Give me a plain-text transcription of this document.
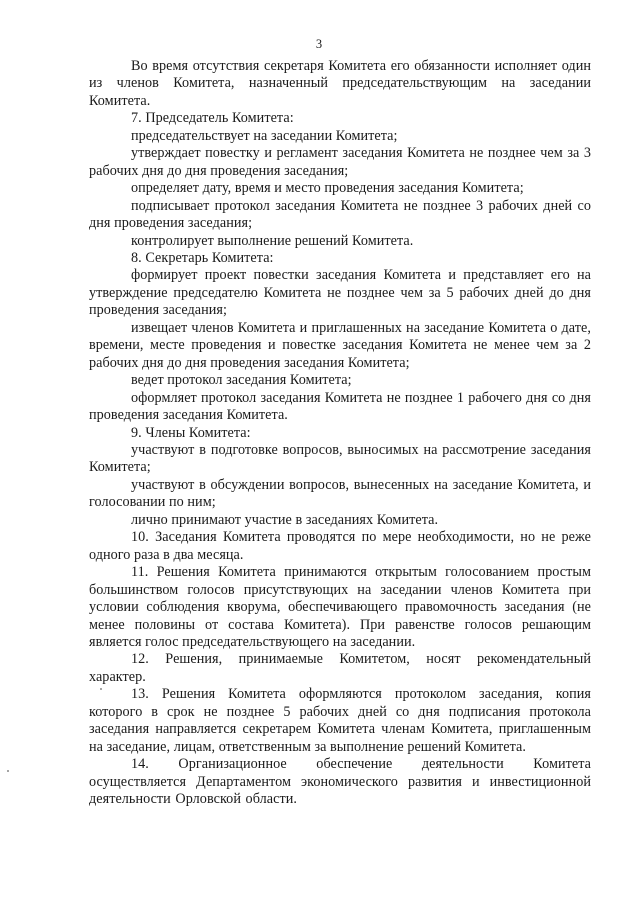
3

Во время отсутствия секретаря Комитета его обязанности исполняет один из членов Комитета, назначенный председательствующим на заседании Комитета.

7. Председатель Комитета:

председательствует на заседании Комитета;

утверждает повестку и регламент заседания Комитета не позднее чем за 3 рабочих дня до дня проведения заседания;

определяет дату, время и место проведения заседания Комитета;

подписывает протокол заседания Комитета не позднее 3 рабочих дней со дня проведения заседания;

контролирует выполнение решений Комитета.

8. Секретарь Комитета:

формирует проект повестки заседания Комитета и представляет его на утверждение председателю Комитета не позднее чем за 5 рабочих дней до дня проведения заседания;

извещает членов Комитета и приглашенных на заседание Комитета о дате, времени, месте проведения и повестке заседания Комитета не менее чем за 2 рабочих дня до дня проведения заседания Комитета;

ведет протокол заседания Комитета;

оформляет протокол заседания Комитета не позднее 1 рабочего дня со дня проведения заседания Комитета.

9. Члены Комитета:

участвуют в подготовке вопросов, выносимых на рассмотрение заседания Комитета;

участвуют в обсуждении вопросов, вынесенных на заседание Комитета, и голосовании по ним;

лично принимают участие в заседаниях Комитета.

10. Заседания Комитета проводятся по мере необходимости, но не реже одного раза в два месяца.

11. Решения Комитета принимаются открытым голосованием простым большинством голосов присутствующих на заседании членов Комитета при условии соблюдения кворума, обеспечивающего правомочность заседания (не менее половины от состава Комитета). При равенстве голосов решающим является голос председательствующего на заседании.

12. Решения, принимаемые Комитетом, носят рекомендательный характер.

13. Решения Комитета оформляются протоколом заседания, копия которого в срок не позднее 5 рабочих дней со дня подписания протокола заседания направляется секретарем Комитета членам Комитета, приглашенным на заседание, лицам, ответственным за выполнение решений Комитета.

14. Организационное обеспечение деятельности Комитета осуществляется Департаментом экономического развития и инвестиционной деятельности Орловской области.
